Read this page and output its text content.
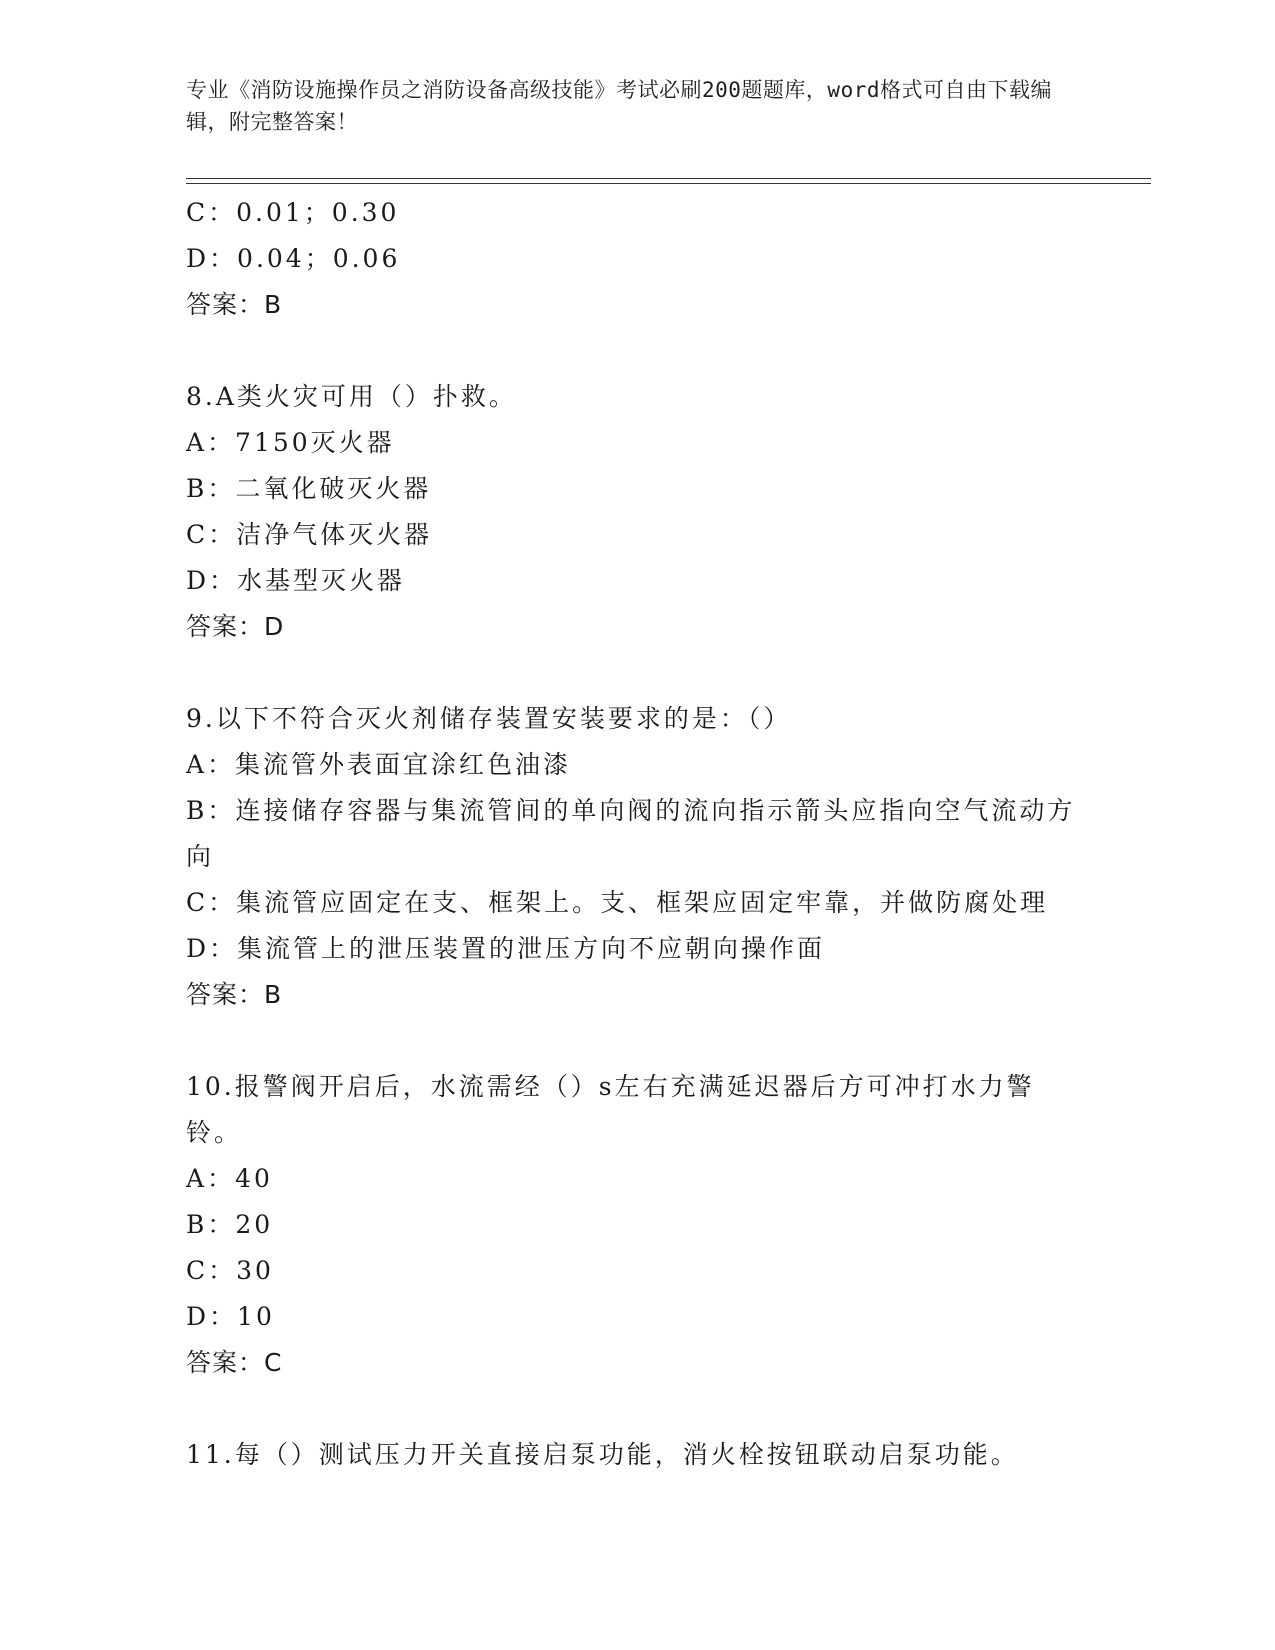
专业《消防设施操作员之消防设备高级技能》考试必刷200题题库，word格式可自由下载编辑，附完整答案！
C：0.01；0.30
D：0.04；0.06
答案：B
8.A类火灾可用（）扑救。
A：7150灭火器
B：二氧化破灭火器
C：洁净气体灭火器
D：水基型灭火器
答案：D
9.以下不符合灭火剂储存装置安装要求的是：（）
A：集流管外表面宜涂红色油漆
B：连接储存容器与集流管间的单向阀的流向指示箭头应指向空气流动方向
C：集流管应固定在支、框架上。支、框架应固定牢靠，并做防腐处理
D：集流管上的泄压装置的泄压方向不应朝向操作面
答案：B
10.报警阀开启后，水流需经（）s左右充满延迟器后方可冲打水力警铃。
A：40
B：20
C：30
D：10
答案：C
11.每（）测试压力开关直接启泵功能，消火栓按钮联动启泵功能。
